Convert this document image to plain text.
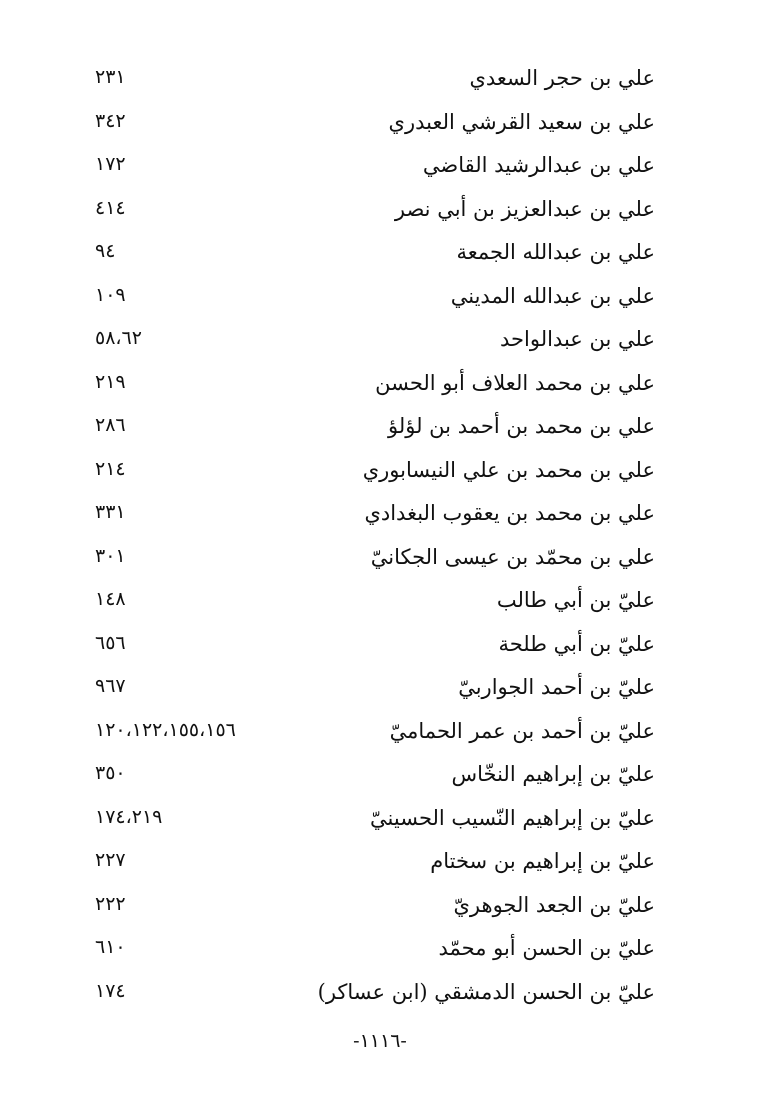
علي بن حجر السعدي
٢٣١
علي بن سعيد القرشي العبدري
٣٤٢
علي بن عبدالرشيد القاضي
١٧٢
علي بن عبدالعزيز بن أبي نصر
٤١٤
علي بن عبدالله الجمعة
٩٤
علي بن عبدالله المديني
١٠٩
علي بن عبدالواحد
٥٨،٦٢
علي بن محمد العلاف أبو الحسن
٢١٩
علي بن محمد بن أحمد بن لؤلؤ
٢٨٦
علي بن محمد بن علي النيسابوري
٢١٤
علي بن محمد بن يعقوب البغدادي
٣٣١
علي بن محمّد بن عيسى الجكانيّ
٣٠١
عليّ بن أبي طالب
١٤٨
عليّ بن أبي طلحة
٦٥٦
عليّ بن أحمد الجواربيّ
٩٦٧
عليّ بن أحمد بن عمر الحماميّ
١٢٠،١٢٢،١٥٥،١٥٦
عليّ بن إبراهيم النخّاس
٣٥٠
عليّ بن إبراهيم النّسيب الحسينيّ
١٧٤،٢١٩
عليّ بن إبراهيم بن سختام
٢٢٧
عليّ بن الجعد الجوهريّ
٢٢٢
عليّ بن الحسن أبو محمّد
٦١٠
عليّ بن الحسن الدمشقي (ابن عساكر)
١٧٤
-١١١٦-
